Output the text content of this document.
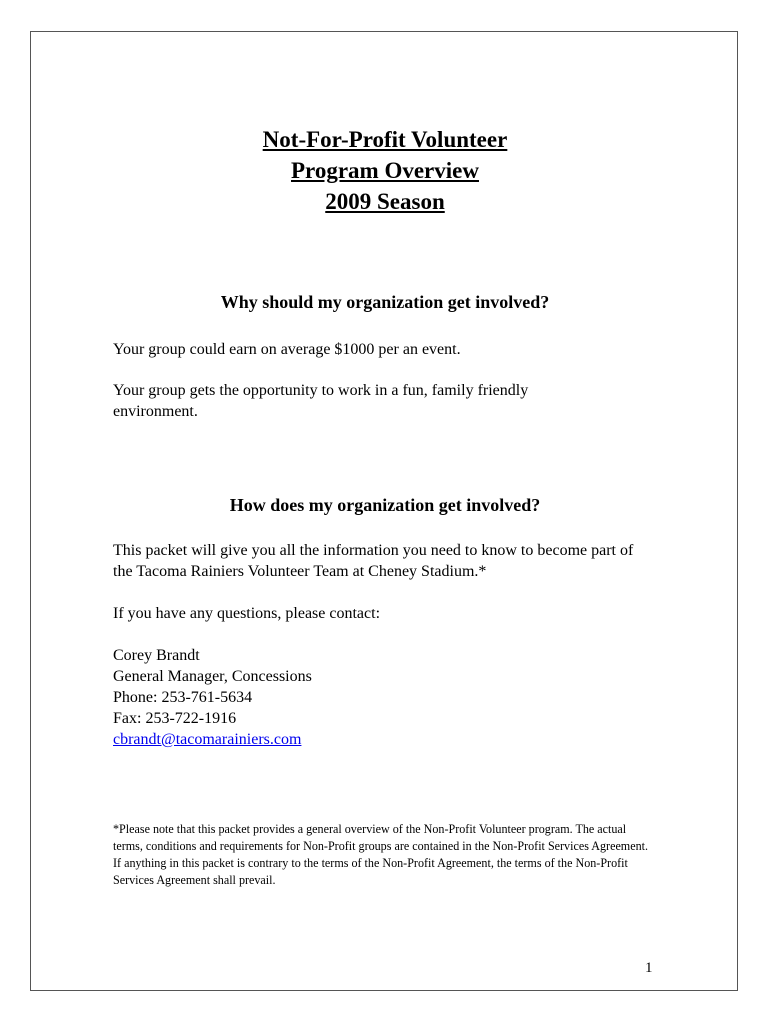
Not-For-Profit Volunteer
Program Overview
2009 Season
Why should my organization get involved?
Your group could earn on average $1000 per an event.
Your group gets the opportunity to work in a fun, family friendly environment.
How does my organization get involved?
This packet will give you all the information you need to know to become part of the Tacoma Rainiers Volunteer Team at Cheney Stadium.*
If you have any questions, please contact:
Corey Brandt
General Manager, Concessions
Phone: 253-761-5634
Fax: 253-722-1916
cbrandt@tacomarainiers.com
*Please note that this packet provides a general overview of the Non-Profit Volunteer program. The actual terms, conditions and requirements for Non-Profit groups are contained in the Non-Profit Services Agreement. If anything in this packet is contrary to the terms of the Non-Profit Agreement, the terms of the Non-Profit Services Agreement shall prevail.
1
